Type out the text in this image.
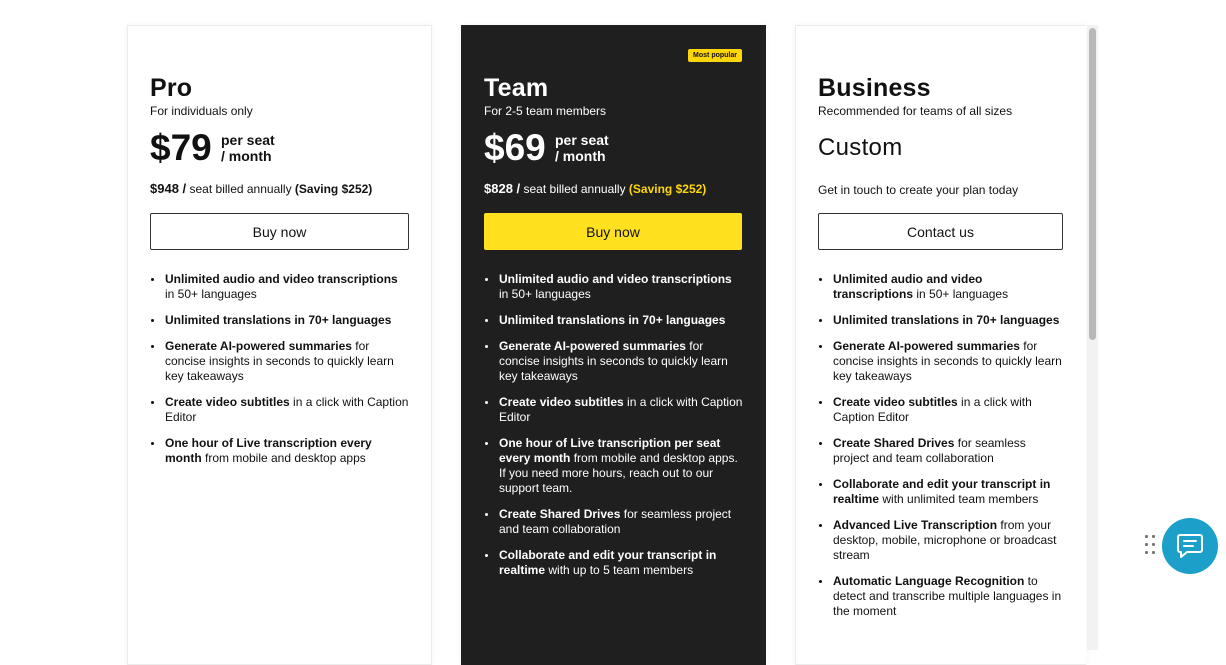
Pro
For individuals only
$79 per seat
/ month
$948 / seat billed annually (Saving $252)
Buy now
Unlimited audio and video transcriptions in 50+ languages
Unlimited translations in 70+ languages
Generate AI-powered summaries for concise insights in seconds to quickly learn key takeaways
Create video subtitles in a click with Caption Editor
One hour of Live transcription every month from mobile and desktop apps
Most popular
Team
For 2-5 team members
$69 per seat
/ month
$828 / seat billed annually (Saving $252)
Buy now
Unlimited audio and video transcriptions in 50+ languages
Unlimited translations in 70+ languages
Generate AI-powered summaries for concise insights in seconds to quickly learn key takeaways
Create video subtitles in a click with Caption Editor
One hour of Live transcription per seat every month from mobile and desktop apps. If you need more hours, reach out to our support team.
Create Shared Drives for seamless project and team collaboration
Collaborate and edit your transcript in realtime with up to 5 team members
Business
Recommended for teams of all sizes
Custom
Get in touch to create your plan today
Contact us
Unlimited audio and video transcriptions in 50+ languages
Unlimited translations in 70+ languages
Generate AI-powered summaries for concise insights in seconds to quickly learn key takeaways
Create video subtitles in a click with Caption Editor
Create Shared Drives for seamless project and team collaboration
Collaborate and edit your transcript in realtime with unlimited team members
Advanced Live Transcription from your desktop, mobile, microphone or broadcast stream
Automatic Language Recognition to detect and transcribe multiple languages in the moment
